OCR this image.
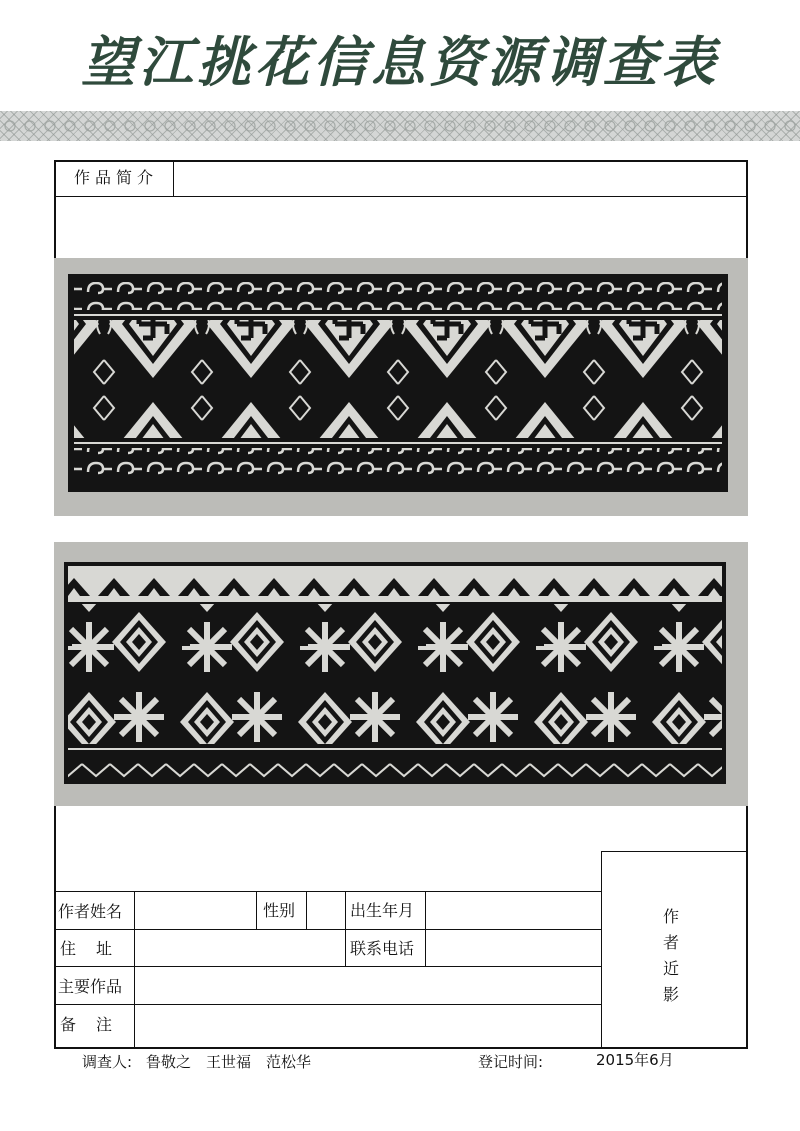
望江挑花信息资源调查表
作品简介
作者近影
作者姓名	性别	出生年月
住　址	联系电话
主要作品
备　注
调查人: 鲁敬之　王世福　范松华	登记时间:	2015年6月
